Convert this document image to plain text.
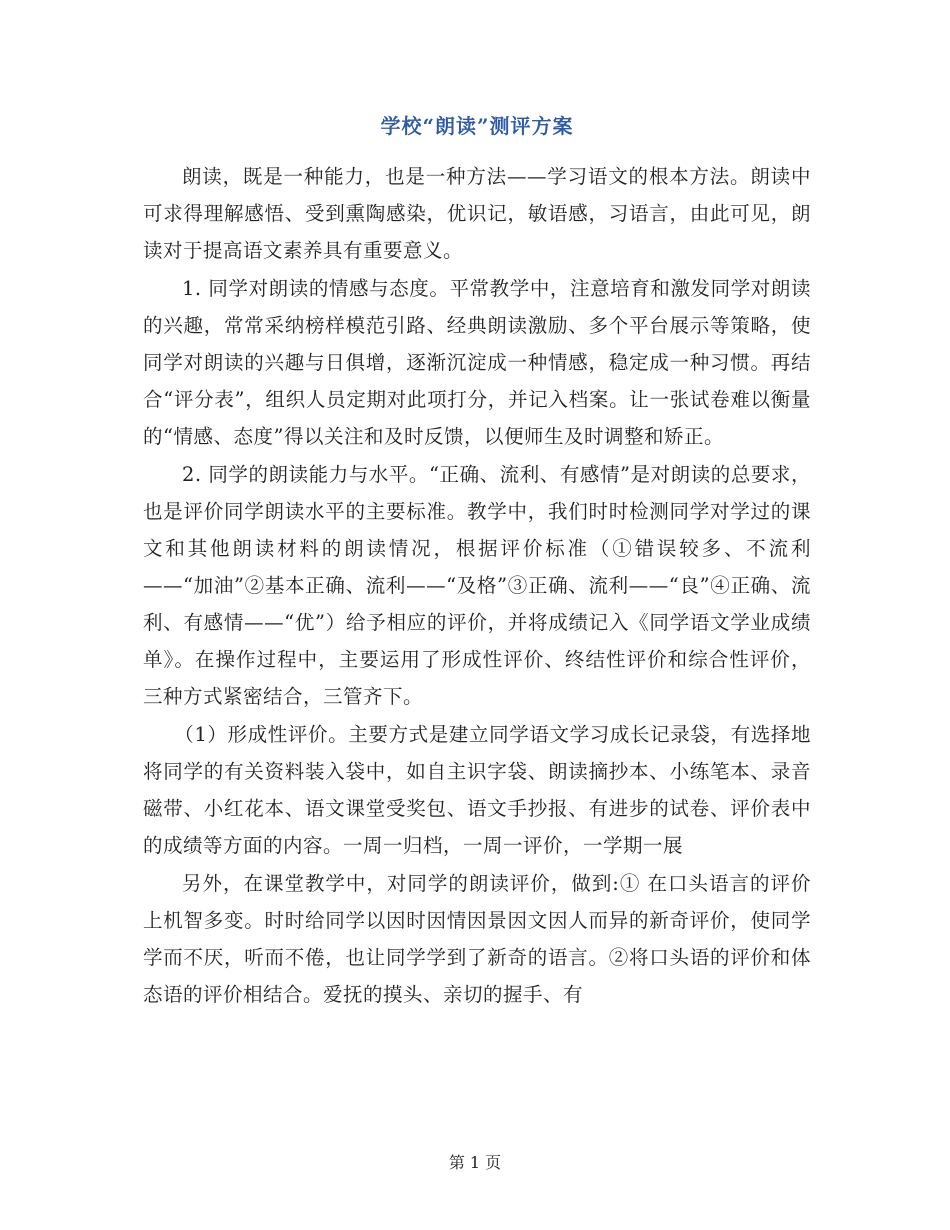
学校“朗读”测评方案

朗读，既是一种能力，也是一种方法——学习语文的根本方法。朗读中可求得理解感悟、受到熏陶感染，优识记，敏语感，习语言，由此可见，朗读对于提高语文素养具有重要意义。

1. 同学对朗读的情感与态度。平常教学中，注意培育和激发同学对朗读的兴趣，常常采纳榜样模范引路、经典朗读激励、多个平台展示等策略，使同学对朗读的兴趣与日俱增，逐渐沉淀成一种情感，稳定成一种习惯。再结合“评分表”，组织人员定期对此项打分，并记入档案。让一张试卷难以衡量的“情感、态度”得以关注和及时反馈，以便师生及时调整和矫正。

2. 同学的朗读能力与水平。“正确、流利、有感情”是对朗读的总要求，也是评价同学朗读水平的主要标准。教学中，我们时时检测同学对学过的课文和其他朗读材料的朗读情况，根据评价标准（①错误较多、不流利——“加油”②基本正确、流利——“及格”③正确、流利——“良”④正确、流利、有感情——“优”）给予相应的评价，并将成绩记入《同学语文学业成绩单》。在操作过程中，主要运用了形成性评价、终结性评价和综合性评价，三种方式紧密结合，三管齐下。

（1）形成性评价。主要方式是建立同学语文学习成长记录袋，有选择地将同学的有关资料装入袋中，如自主识字袋、朗读摘抄本、小练笔本、录音磁带、小红花本、语文课堂受奖包、语文手抄报、有进步的试卷、评价表中的成绩等方面的内容。一周一归档，一周一评价，一学期一展

另外，在课堂教学中，对同学的朗读评价，做到:① 在口头语言的评价上机智多变。时时给同学以因时因情因景因文因人而异的新奇评价，使同学学而不厌，听而不倦，也让同学学到了新奇的语言。②将口头语的评价和体态语的评价相结合。爱抚的摸头、亲切的握手、有

第 1 页
